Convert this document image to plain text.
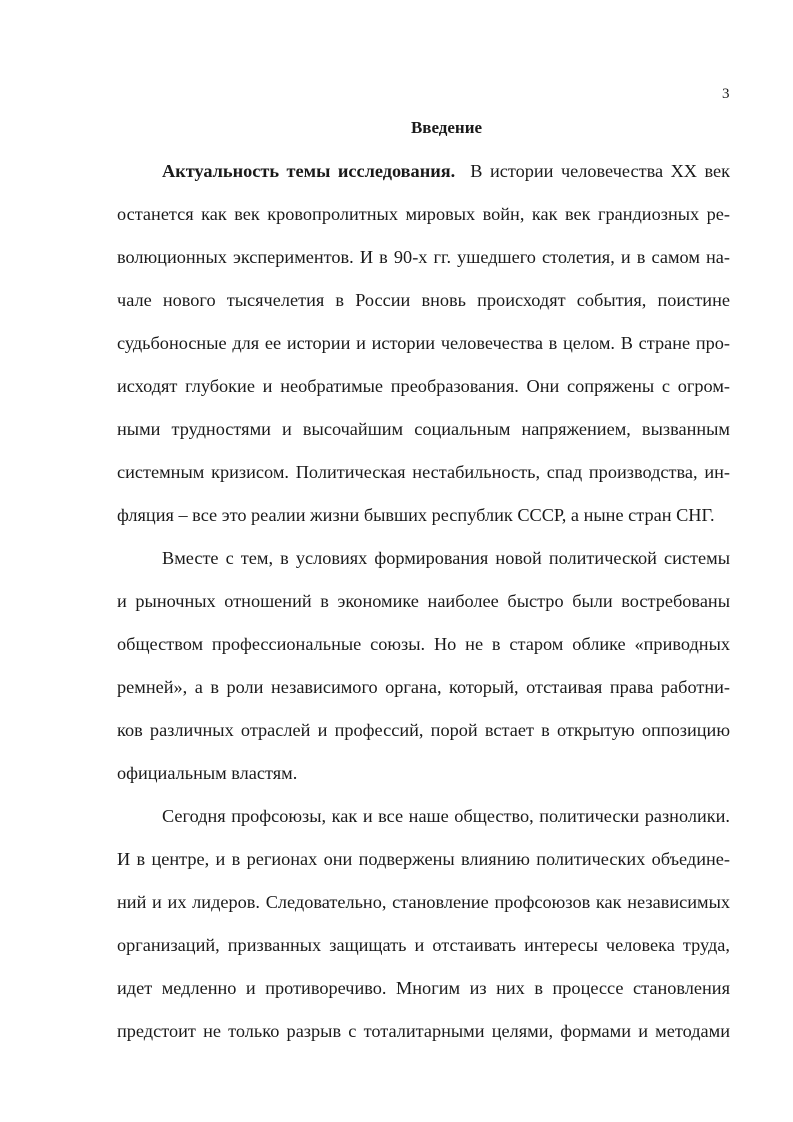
3
Введение
Актуальность темы исследования. В истории человечества XX век
останется как век кровопролитных мировых войн, как век грандиозных ре-
волюционных экспериментов. И в 90-х гг. ушедшего столетия, и в самом на-
чале нового тысячелетия в России вновь происходят события, поистине
судьбоносные для ее истории и истории человечества в целом. В стране про-
исходят глубокие и необратимые преобразования. Они сопряжены с огром-
ными трудностями и высочайшим социальным напряжением, вызванным
системным кризисом. Политическая нестабильность, спад производства, ин-
фляция – все это реалии жизни бывших республик СССР, а ныне стран СНГ.
Вместе с тем, в условиях формирования новой политической системы
и рыночных отношений в экономике наиболее быстро были востребованы
обществом профессиональные союзы. Но не в старом облике «приводных
ремней», а в роли независимого органа, который, отстаивая права работни-
ков различных отраслей и профессий, порой встает в открытую оппозицию
официальным властям.
Сегодня профсоюзы, как и все наше общество, политически разнолики.
И в центре, и в регионах они подвержены влиянию политических объедине-
ний и их лидеров. Следовательно, становление профсоюзов как независимых
организаций, призванных защищать и отстаивать интересы человека труда,
идет медленно и противоречиво. Многим из них в процессе становления
предстоит не только разрыв с тоталитарными целями, формами и методами
